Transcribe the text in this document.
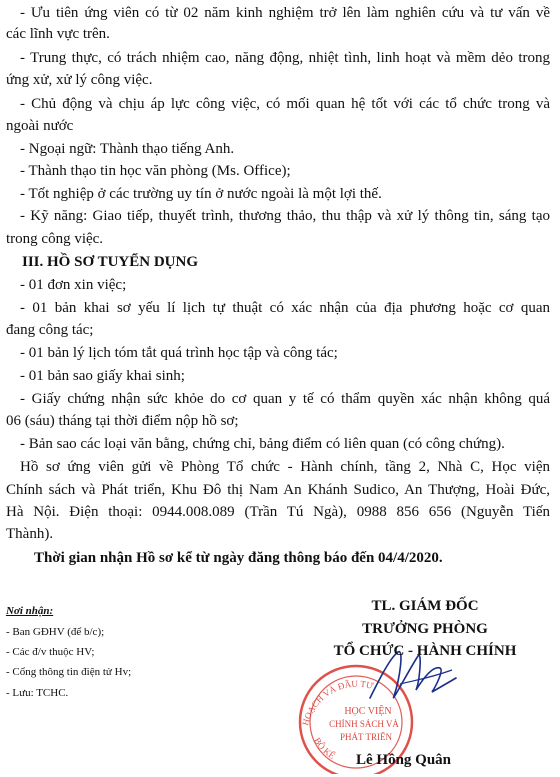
- Ưu tiên ứng viên có từ 02 năm kinh nghiệm trở lên làm nghiên cứu và tư vấn về
các lĩnh vực trên.
- Trung thực, có trách nhiệm cao, năng động, nhiệt tình, linh hoạt và mềm dẻo trong
ứng xử, xử lý công việc.
- Chủ động và chịu áp lực công việc, có mối quan hệ tốt với các tổ chức trong và
ngoài nước
- Ngoại ngữ: Thành thạo tiếng Anh.
- Thành thạo tin học văn phòng (Ms. Office);
- Tốt nghiệp ở các trường uy tín ở nước ngoài là một lợi thế.
- Kỹ năng: Giao tiếp, thuyết trình, thương thảo, thu thập và xử lý thông tin, sáng tạo
trong công việc.
III. HỒ SƠ TUYỂN DỤNG
- 01 đơn xin việc;
- 01 bản khai sơ yếu lí lịch tự thuật có xác nhận của địa phương hoặc cơ quan
đang công tác;
- 01 bản lý lịch tóm tắt quá trình học tập và công tác;
- 01 bản sao giấy khai sinh;
- Giấy chứng nhận sức khỏe do cơ quan y tế có thẩm quyền xác nhận không quá
06 (sáu) tháng tại thời điểm nộp hồ sơ;
- Bản sao các loại văn bằng, chứng chỉ, bảng điểm có liên quan (có công chứng).
Hồ sơ ứng viên gửi về Phòng Tổ chức - Hành chính, tầng 2, Nhà C, Học viện
Chính sách và Phát triển, Khu Đô thị Nam An Khánh Sudico, An Thượng, Hoài Đức,
Hà Nội. Điện thoại: 0944.008.089 (Trần Tú Ngà), 0988 856 656 (Nguyễn Tiến
Thành).
Thời gian nhận Hồ sơ kể từ ngày đăng thông báo đến 04/4/2020.
Nơi nhận:
- Ban GĐHV (để b/c);
- Các đ/v thuộc HV;
- Cổng thông tin điện tử Hv;
- Lưu: TCHC.
HOẠCH VÀ ĐẦU TƯ
BỘ KẾ
HỌC VIỆN
CHÍNH SÁCH VÀ
PHÁT TRIỂN
TL. GIÁM ĐỐC
TRƯỞNG PHÒNG
TỔ CHỨC - HÀNH CHÍNH
Lê Hồng Quân
